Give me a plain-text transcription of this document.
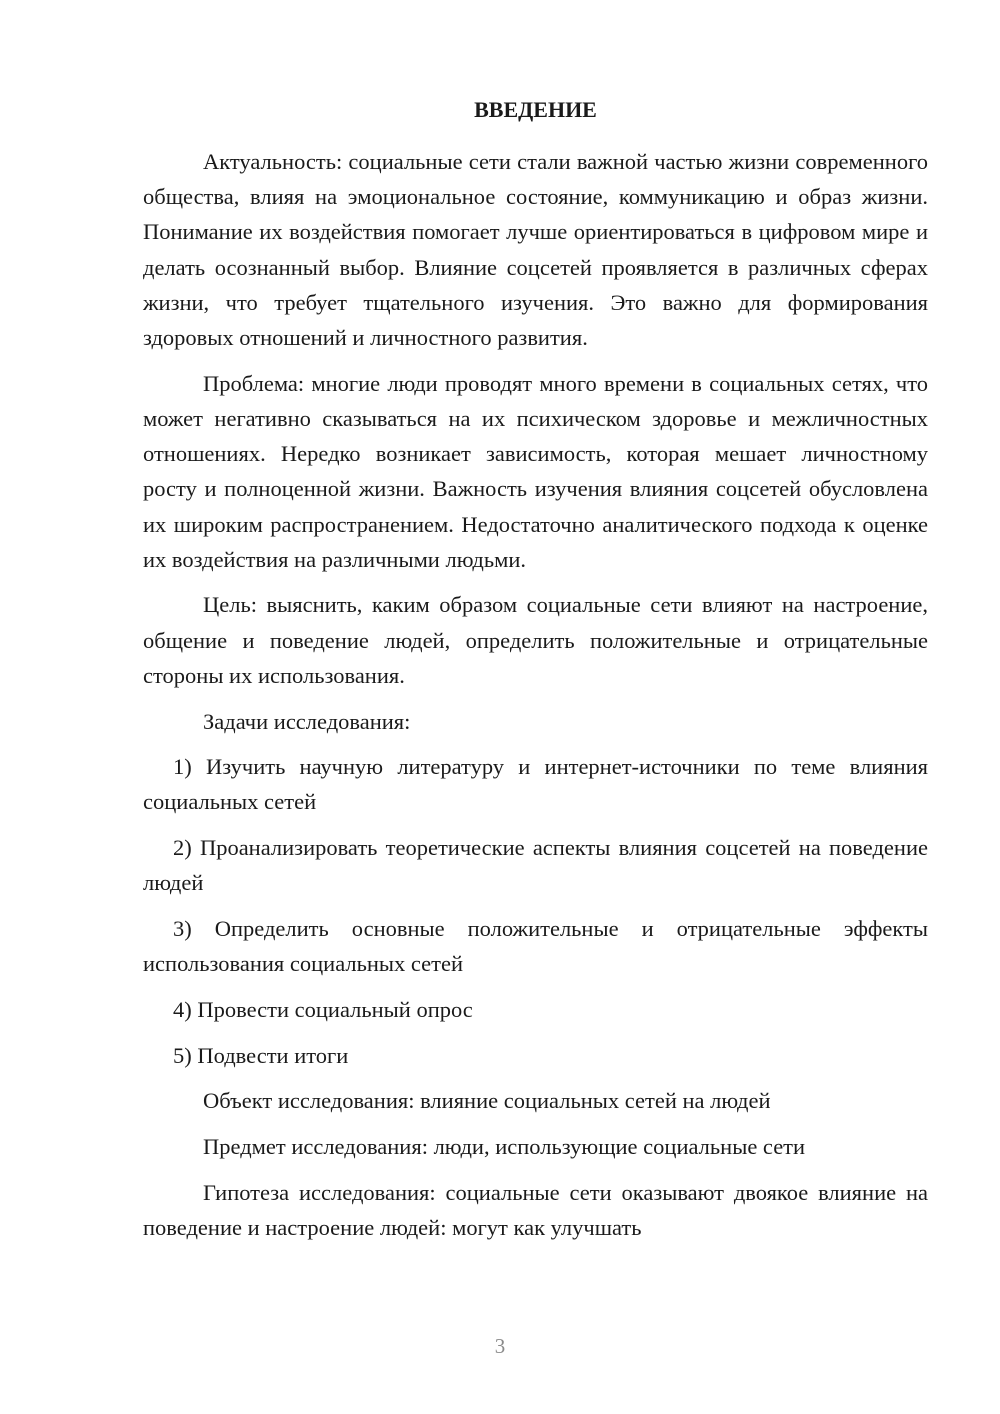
ВВЕДЕНИЕ

Актуальность: социальные сети стали важной частью жизни современного общества, влияя на эмоциональное состояние, коммуникацию и образ жизни. Понимание их воздействия помогает лучше ориентироваться в цифровом мире и делать осознанный выбор. Влияние соцсетей проявляется в различных сферах жизни, что требует тщательного изучения. Это важно для формирования здоровых отношений и личностного развития.

Проблема: многие люди проводят много времени в социальных сетях, что может негативно сказываться на их психическом здоровье и межличностных отношениях. Нередко возникает зависимость, которая мешает личностному росту и полноценной жизни. Важность изучения влияния соцсетей обусловлена их широким распространением. Недостаточно аналитического подхода к оценке их воздействия на различными людьми.

Цель: выяснить, каким образом социальные сети влияют на настроение, общение и поведение людей, определить положительные и отрицательные стороны их использования.

Задачи исследования:

1) Изучить научную литературу и интернет-источники по теме влияния социальных сетей

2) Проанализировать теоретические аспекты влияния соцсетей на поведение людей

3) Определить основные положительные и отрицательные эффекты использования социальных сетей

4) Провести социальный опрос

5) Подвести итоги

Объект исследования: влияние социальных сетей на людей

Предмет исследования: люди, использующие социальные сети

Гипотеза исследования: социальные сети оказывают двоякое влияние на поведение и настроение людей: могут как улучшать

3
